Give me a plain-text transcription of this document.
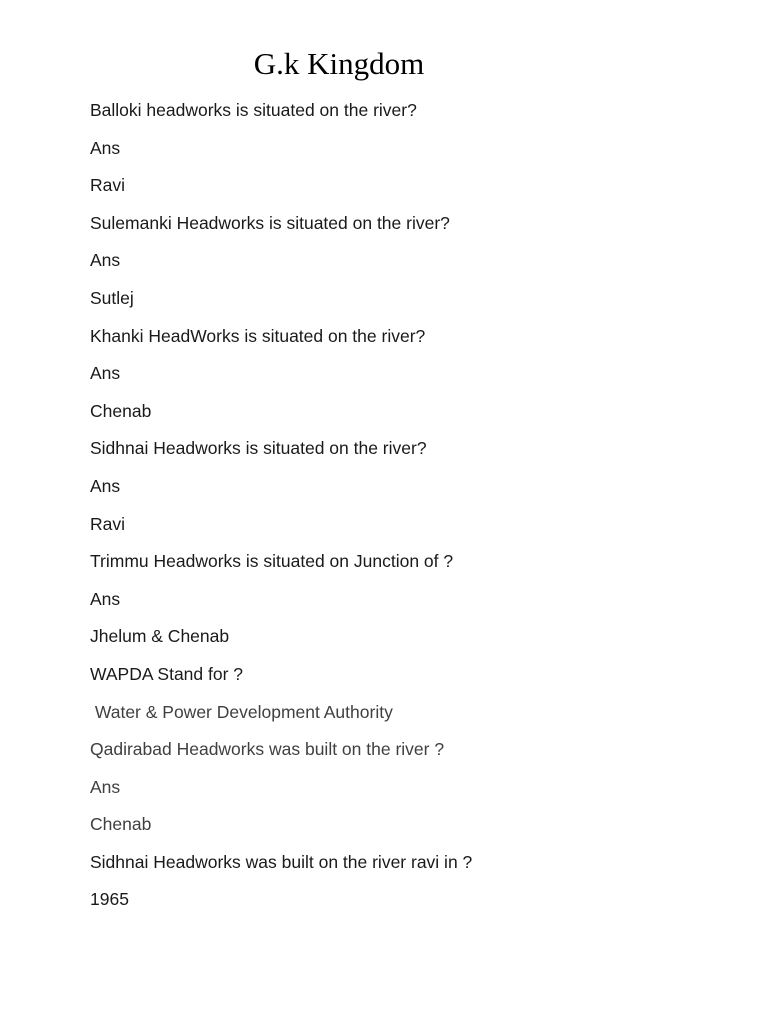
G.k Kingdom
Balloki headworks is situated on the river?
Ans
Ravi
Sulemanki Headworks is situated on the river?
Ans
Sutlej
Khanki HeadWorks is situated on the river?
Ans
Chenab
Sidhnai Headworks is situated on the river?
Ans
Ravi
Trimmu Headworks is situated on Junction of ?
Ans
Jhelum & Chenab
WAPDA Stand for ?
Water & Power Development Authority
Qadirabad Headworks was built on the river ?
Ans
Chenab
Sidhnai Headworks was built on the river ravi in ?
1965
